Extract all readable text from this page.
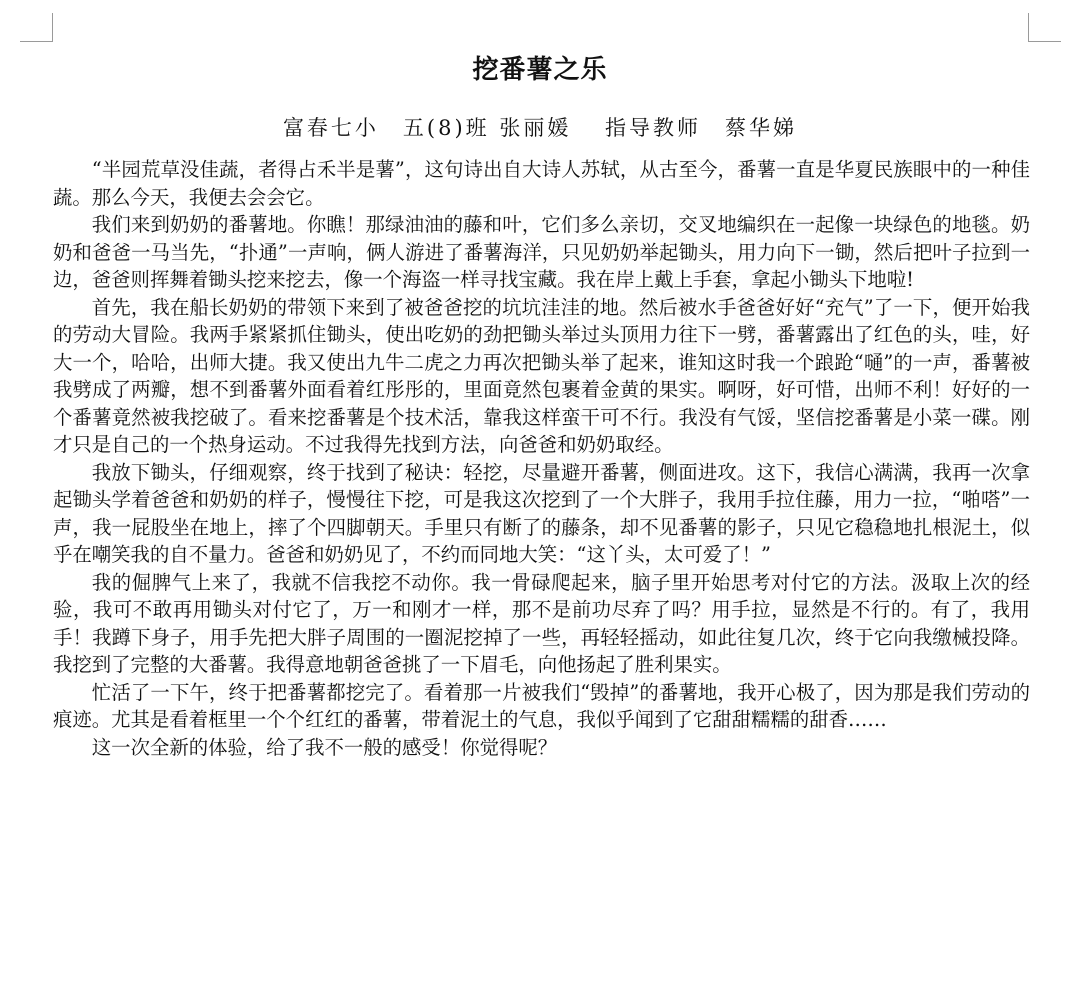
挖番薯之乐
富春七小　五(8)班 张丽媛　 指导教师　蔡华娣

“半园荒草没佳蔬，者得占禾半是薯”，这句诗出自大诗人苏轼，从古至今，番薯一直是华夏民族眼中的一种佳蔬。那么今天，我便去会会它。

我们来到奶奶的番薯地。你瞧！那绿油油的藤和叶，它们多么亲切，交叉地编织在一起像一块绿色的地毯。奶奶和爸爸一马当先，“扑通”一声响，俩人游进了番薯海洋，只见奶奶举起锄头，用力向下一锄，然后把叶子拉到一边，爸爸则挥舞着锄头挖来挖去，像一个海盗一样寻找宝藏。我在岸上戴上手套，拿起小锄头下地啦!

首先，我在船长奶奶的带领下来到了被爸爸挖的坑坑洼洼的地。然后被水手爸爸好好“充气”了一下，便开始我的劳动大冒险。我两手紧紧抓住锄头，使出吃奶的劲把锄头举过头顶用力往下一劈，番薯露出了红色的头，哇，好大一个，哈哈，出师大捷。我又使出九牛二虎之力再次把锄头举了起来，谁知这时我一个踉跄“嗵”的一声，番薯被我劈成了两瓣，想不到番薯外面看着红彤彤的，里面竟然包裹着金黄的果实。啊呀，好可惜，出师不利！好好的一个番薯竟然被我挖破了。看来挖番薯是个技术活，靠我这样蛮干可不行。我没有气馁，坚信挖番薯是小菜一碟。刚才只是自己的一个热身运动。不过我得先找到方法，向爸爸和奶奶取经。

我放下锄头，仔细观察，终于找到了秘诀：轻挖，尽量避开番薯，侧面进攻。这下，我信心满满，我再一次拿起锄头学着爸爸和奶奶的样子，慢慢往下挖，可是我这次挖到了一个大胖子，我用手拉住藤，用力一拉，“啪嗒”一声，我一屁股坐在地上，摔了个四脚朝天。手里只有断了的藤条，却不见番薯的影子，只见它稳稳地扎根泥土，似乎在嘲笑我的自不量力。爸爸和奶奶见了，不约而同地大笑：“这丫头，太可爱了！”

我的倔脾气上来了，我就不信我挖不动你。我一骨碌爬起来，脑子里开始思考对付它的方法。汲取上次的经验，我可不敢再用锄头对付它了，万一和刚才一样，那不是前功尽弃了吗？用手拉，显然是不行的。有了，我用手！我蹲下身子，用手先把大胖子周围的一圈泥挖掉了一些，再轻轻摇动，如此往复几次，终于它向我缴械投降。我挖到了完整的大番薯。我得意地朝爸爸挑了一下眉毛，向他扬起了胜利果实。

忙活了一下午，终于把番薯都挖完了。看着那一片被我们“毁掉”的番薯地，我开心极了，因为那是我们劳动的痕迹。尤其是看着框里一个个红红的番薯，带着泥土的气息，我似乎闻到了它甜甜糯糯的甜香……

这一次全新的体验，给了我不一般的感受！你觉得呢？
